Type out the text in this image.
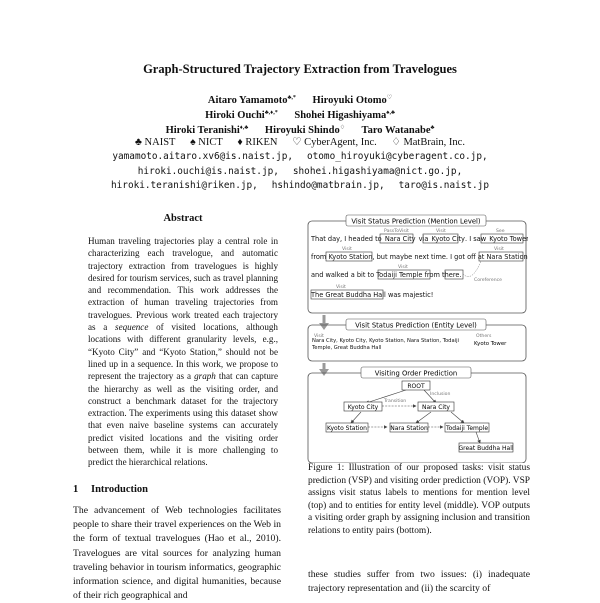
Graph-Structured Trajectory Extraction from Travelogues
Aitaro Yamamoto♣,* Hiroyuki Otomo♡
Hiroki Ouchi♣,♦,* Shohei Higashiyama♠,♣
Hiroki Teranishi♦,♣ Hiroyuki Shindo♢ Taro Watanabe♣
♣ NAIST ♠ NICT ♦ RIKEN ♡ CyberAgent, Inc. ♢ MatBrain, Inc.
yamamoto.aitaro.xv6@is.naist.jp, otomo_hiroyuki@cyberagent.co.jp,
hiroki.ouchi@is.naist.jp, shohei.higashiyama@nict.go.jp,
hiroki.teranishi@riken.jp, hshindo@matbrain.jp, taro@is.naist.jp
Abstract
Human traveling trajectories play a central role in characterizing each travelogue, and automatic trajectory extraction from travelogues is highly desired for tourism services, such as travel planning and recommendation. This work addresses the extraction of human traveling trajectories from travelogues. Previous work treated each trajectory as a sequence of visited locations, although locations with different granularity levels, e.g., “Kyoto City” and “Kyoto Station,” should not be lined up in a sequence. In this work, we propose to represent the trajectory as a graph that can capture the hierarchy as well as the visiting order, and construct a benchmark dataset for the trajectory extraction. The experiments using this dataset show that even naive baseline systems can accurately predict visited locations and the visiting order between them, while it is more challenging to predict the hierarchical relations.
1 Introduction

The advancement of Web technologies facilitates people to share their travel experiences on the Web in the form of textual travelogues (Hao et al., 2010). Travelogues are vital sources for analyzing human traveling behavior in tourism informatics, geographic information science, and digital humanities, because of their rich geographical and

Visit Status Prediction (Mention Level)
That day, I headed to Nara City via Kyoto City. I saw Kyoto Tower
from Kyoto Station, but maybe next time. I got off at Nara Station
and walked a bit to Todaiji Temple from there.
The Great Buddha Hall was majestic!
PassToVisit	Visit	See
Visit	Visit
Visit
Coreference
Visit
Visit Status Prediction (Entity Level)
Visit	Others
Nara City, Kyoto City, Kyoto Station, Nara Station, Todaiji Temple, Great Buddha Hall
Kyoto Tower
Visiting Order Prediction
Inclusion
Transition
ROOT
Kyoto City	Nara City
Kyoto Station	Nara Station	Todaiji Temple
Great Buddha Hall
Figure 1: Illustration of our proposed tasks: visit status prediction (VSP) and visiting order prediction (VOP). VSP assigns visit status labels to mentions for mention level (top) and to entities for entity level (middle). VOP outputs a visiting order graph by assigning inclusion and transition relations to entity pairs (bottom).
these studies suffer from two issues: (i) inadequate trajectory representation and (ii) the scarcity of
